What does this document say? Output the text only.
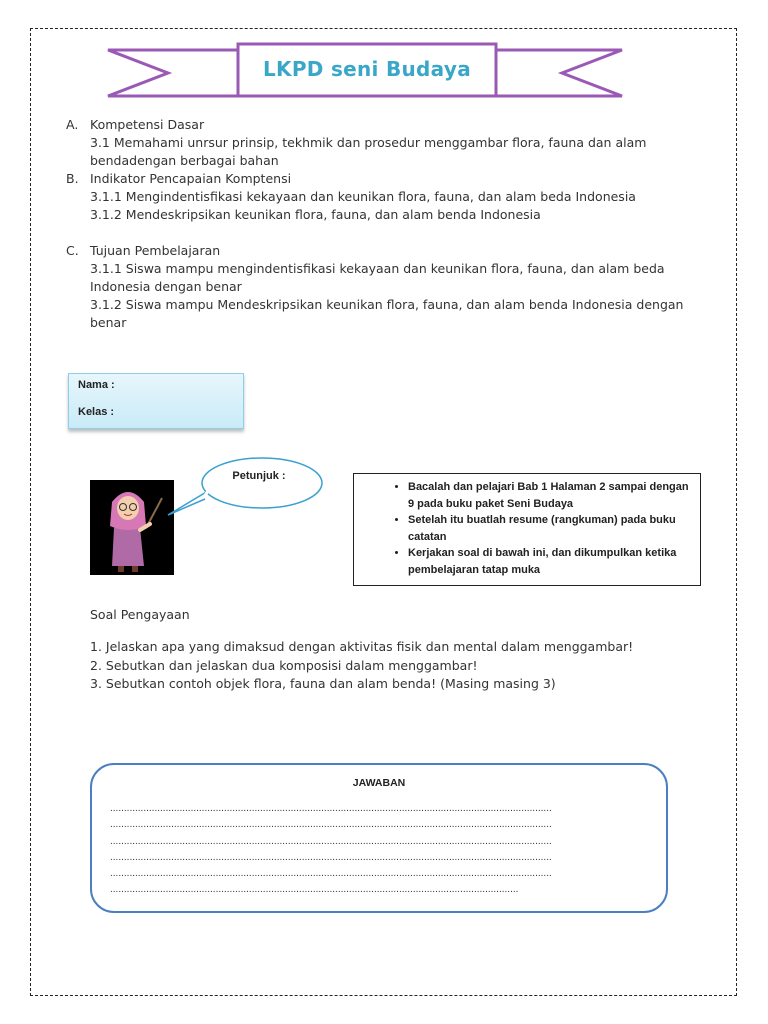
LKPD seni Budaya
A. Kompetensi Dasar
3.1 Memahami unrsur prinsip, tekhmik dan prosedur menggambar flora, fauna dan alam bendadengan berbagai bahan
B. Indikator Pencapaian Komptensi
3.1.1 Mengindentisfikasi kekayaan dan keunikan flora, fauna, dan alam beda Indonesia
3.1.2 Mendeskripsikan keunikan flora, fauna, dan alam benda Indonesia
C. Tujuan Pembelajaran
3.1.1 Siswa mampu mengindentisfikasi kekayaan dan keunikan flora, fauna, dan alam beda Indonesia dengan benar
3.1.2 Siswa mampu Mendeskripsikan keunikan flora, fauna, dan alam benda Indonesia dengan benar
Nama :
Kelas :
Petunjuk :
• Bacalah dan pelajari Bab 1 Halaman 2 sampai dengan 9 pada buku paket Seni Budaya
• Setelah itu buatlah resume (rangkuman) pada buku catatan
• Kerjakan soal di bawah ini, dan dikumpulkan ketika pembelajaran tatap muka
Soal Pengayaan
1. Jelaskan apa yang dimaksud dengan aktivitas fisik dan mental dalam menggambar!
2. Sebutkan dan jelaskan dua komposisi dalam menggambar!
3. Sebutkan contoh objek flora, fauna dan alam benda! (Masing masing 3)
JAWABAN
...............................................................................................................................................................
...............................................................................................................................................................
...............................................................................................................................................................
...............................................................................................................................................................
...............................................................................................................................................................
...................................................................................................................................................
